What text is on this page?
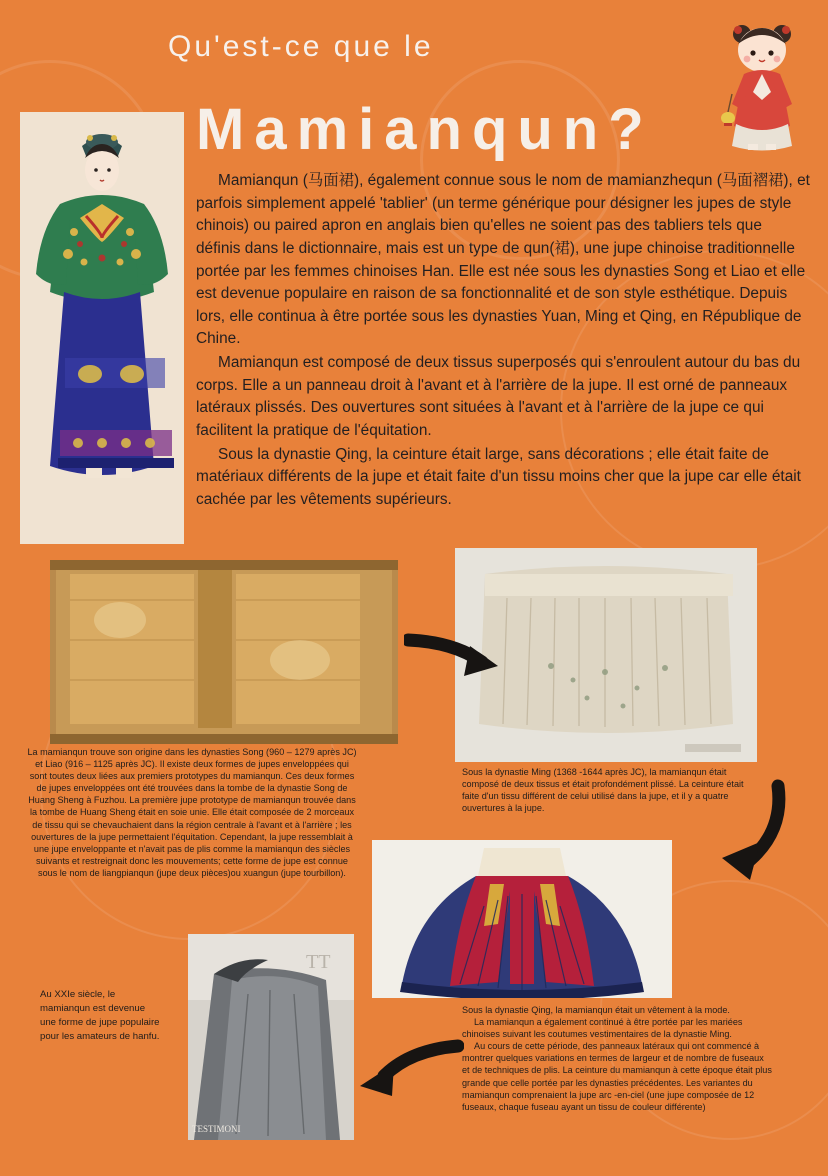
Qu'est-ce que le
Mamianqun?

Mamianqun (马面裙), également connue sous le nom de mamianzhequn (马面褶裙), et parfois simplement appelé 'tablier' (un terme générique pour désigner les jupes de style chinois) ou paired apron en anglais bien qu'elles ne soient pas des tabliers tels que définis dans le dictionnaire, mais est un type de qun(裙), une jupe chinoise traditionnelle portée par les femmes chinoises Han. Elle est née sous les dynasties Song et Liao et elle est devenue populaire en raison de sa fonctionnalité et de son style esthétique. Depuis lors, elle continua à être portée sous les dynasties Yuan, Ming et Qing, en République de Chine.

Mamianqun est composé de deux tissus superposés qui s'enroulent autour du bas du corps. Elle a un panneau droit à l'avant et à l'arrière de la jupe. Il est orné de panneaux latéraux plissés. Des ouvertures sont situées à l'avant et à l'arrière de la jupe ce qui facilitent la pratique de l'équitation.

Sous la dynastie Qing, la ceinture était large, sans décorations ; elle était faite de matériaux différents de la jupe et était faite d'un tissu moins cher que la jupe car elle était cachée par les vêtements supérieurs.

TT
TESTIMONI
La mamianqun trouve son origine dans les dynasties Song (960 – 1279 après JC) et Liao (916 – 1125 après JC). Il existe deux formes de jupes enveloppées qui sont toutes deux liées aux premiers prototypes du mamianqun. Ces deux formes de jupes enveloppées ont été trouvées dans la tombe de la dynastie Song de Huang Sheng à Fuzhou. La première jupe prototype de mamianqun trouvée dans la tombe de Huang Sheng était en soie unie. Elle était composée de 2 morceaux de tissu qui se chevauchaient dans la région centrale à l'avant et à l'arrière ; les ouvertures de la jupe permettaient l'équitation. Cependant, la jupe ressemblait à une jupe enveloppante et n'avait pas de plis comme la mamianqun des siècles suivants et restreignait donc les mouvements; cette forme de jupe est connue sous le nom de liangpianqun (jupe deux pièces)ou xuangun (jupe tourbillon).
Sous la dynastie Ming (1368 -1644 après JC), la mamianqun était composé de deux tissus et était profondément plissé. La ceinture était faite d'un tissu différent de celui utilisé dans la jupe, et il y a quatre ouvertures à la jupe.

Sous la dynastie Qing, la mamianqun était un vêtement à la mode.

La mamianqun a également continué à être portée par les mariées chinoises suivant les coutumes vestimentaires de la dynastie Ming.

Au cours de cette période, des panneaux latéraux qui ont commencé à montrer quelques variations en termes de largeur et de nombre de fuseaux et de techniques de plis. La ceinture du mamianqun à cette époque était plus grande que celle portée par les dynasties précédentes. Les variantes du mamianqun comprenaient la jupe arc -en-ciel (une jupe composée de 12 fuseaux, chaque fuseau ayant un tissu de couleur différente)

Au XXIe siècle, le mamianqun est devenue une forme de jupe populaire pour les amateurs de hanfu.
